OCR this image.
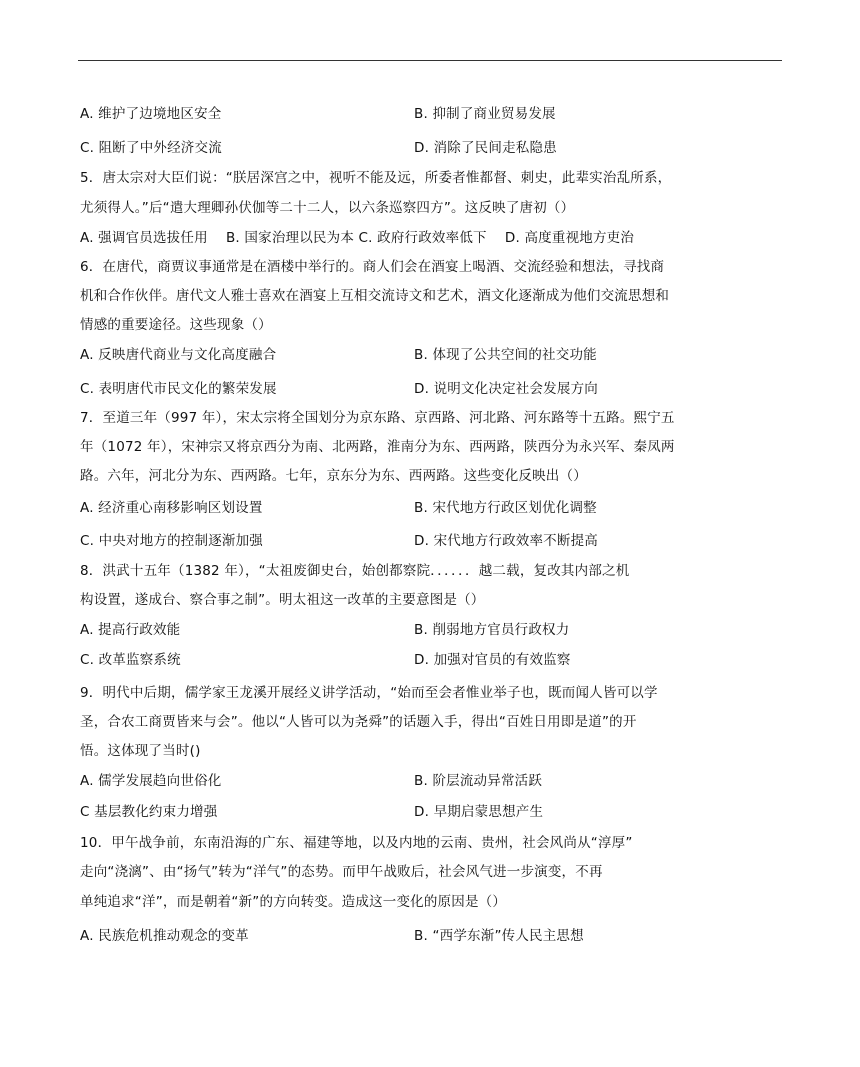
A. 维护了边境地区安全	B. 抑制了商业贸易发展
C. 阻断了中外经济交流	D. 消除了民间走私隐患
5．唐太宗对大臣们说：“朕居深宫之中，视听不能及远，所委者惟都督、刺史，此辈实治乱所系，
尤须得人。”后“遣大理卿孙伏伽等二十二人，以六条巡察四方”。这反映了唐初（）
A. 强调官员选拔任用　 B. 国家治理以民为本 C. 政府行政效率低下 　D. 高度重视地方吏治
6．在唐代，商贾议事通常是在酒楼中举行的。商人们会在酒宴上喝酒、交流经验和想法，寻找商
机和合作伙伴。唐代文人雅士喜欢在酒宴上互相交流诗文和艺术，酒文化逐渐成为他们交流思想和
情感的重要途径。这些现象（）
A. 反映唐代商业与文化高度融合	B. 体现了公共空间的社交功能
C. 表明唐代市民文化的繁荣发展	D. 说明文化决定社会发展方向
7．至道三年（997 年），宋太宗将全国划分为京东路、京西路、河北路、河东路等十五路。熙宁五
年（1072 年），宋神宗又将京西分为南、北两路，淮南分为东、西两路，陕西分为永兴军、秦凤两
路。六年，河北分为东、西两路。七年，京东分为东、西两路。这些变化反映出（）
A. 经济重心南移影响区划设置	B. 宋代地方行政区划优化调整
C. 中央对地方的控制逐渐加强	D. 宋代地方行政效率不断提高
8．洪武十五年（1382 年），“太祖废御史台，始创都察院．．．．．．越二载，复改其内部之机
构设置，遂成台、察合事之制”。明太祖这一改革的主要意图是（）
A. 提高行政效能	B. 削弱地方官员行政权力
C. 改革监察系统	D. 加强对官员的有效监察
9．明代中后期，儒学家王龙溪开展经义讲学活动，“始而至会者惟业举子也，既而闻人皆可以学
圣，合农工商贾皆来与会”。他以“人皆可以为尧舜”的话题入手，得出“百姓日用即是道”的开
悟。这体现了当时()
A. 儒学发展趋向世俗化	B. 阶层流动异常活跃
C 基层教化约束力增强	D. 早期启蒙思想产生
10．甲午战争前，东南沿海的广东、福建等地，以及内地的云南、贵州，社会风尚从“淳厚”
走向“浇漓”、由“扬气”转为“洋气”的态势。而甲午战败后，社会风气进一步演变，不再
单纯追求“洋”，而是朝着“新”的方向转变。造成这一变化的原因是（）
A. 民族危机推动观念的变革	B. “西学东渐”传人民主思想
